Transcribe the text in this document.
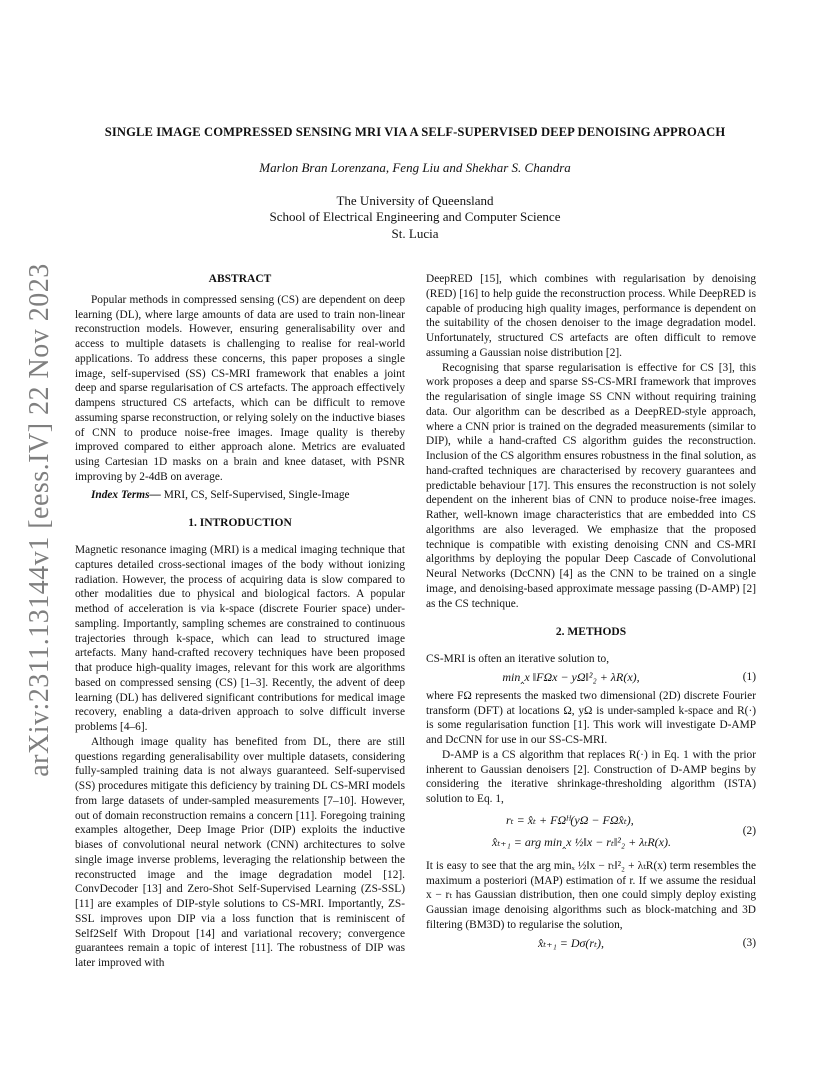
arXiv:2311.13144v1 [eess.IV] 22 Nov 2023
SINGLE IMAGE COMPRESSED SENSING MRI VIA A SELF-SUPERVISED DEEP DENOISING APPROACH
Marlon Bran Lorenzana, Feng Liu and Shekhar S. Chandra
The University of Queensland
School of Electrical Engineering and Computer Science
St. Lucia

ABSTRACT

Popular methods in compressed sensing (CS) are dependent on deep learning (DL), where large amounts of data are used to train non-linear reconstruction models. However, ensuring generalisability over and access to multiple datasets is challenging to realise for real-world applications. To address these concerns, this paper proposes a single image, self-supervised (SS) CS-MRI framework that enables a joint deep and sparse regularisation of CS artefacts. The approach effectively dampens structured CS artefacts, which can be difficult to remove assuming sparse reconstruction, or relying solely on the inductive biases of CNN to produce noise-free images. Image quality is thereby improved compared to either approach alone. Metrics are evaluated using Cartesian 1D masks on a brain and knee dataset, with PSNR improving by 2-4dB on average.

Index Terms— MRI, CS, Self-Supervised, Single-Image

1. INTRODUCTION

Magnetic resonance imaging (MRI) is a medical imaging technique that captures detailed cross-sectional images of the body without ionizing radiation. However, the process of acquiring data is slow compared to other modalities due to physical and biological factors. A popular method of acceleration is via k-space (discrete Fourier space) under-sampling. Importantly, sampling schemes are constrained to continuous trajectories through k-space, which can lead to structured image artefacts. Many hand-crafted recovery techniques have been proposed that produce high-quality images, relevant for this work are algorithms based on compressed sensing (CS) [1–3]. Recently, the advent of deep learning (DL) has delivered significant contributions for medical image recovery, enabling a data-driven approach to solve difficult inverse problems [4–6].

Although image quality has benefited from DL, there are still questions regarding generalisability over multiple datasets, considering fully-sampled training data is not always guaranteed. Self-supervised (SS) procedures mitigate this deficiency by training DL CS-MRI models from large datasets of under-sampled measurements [7–10]. However, out of domain reconstruction remains a concern [11]. Foregoing training examples altogether, Deep Image Prior (DIP) exploits the inductive biases of convolutional neural network (CNN) architectures to solve single image inverse problems, leveraging the relationship between the reconstructed image and the image degradation model [12]. ConvDecoder [13] and Zero-Shot Self-Supervised Learning (ZS-SSL) [11] are examples of DIP-style solutions to CS-MRI. Importantly, ZS-SSL improves upon DIP via a loss function that is reminiscent of Self2Self With Dropout [14] and variational recovery; convergence guarantees remain a topic of interest [11]. The robustness of DIP was later improved with

DeepRED [15], which combines with regularisation by denoising (RED) [16] to help guide the reconstruction process. While DeepRED is capable of producing high quality images, performance is dependent on the suitability of the chosen denoiser to the image degradation model. Unfortunately, structured CS artefacts are often difficult to remove assuming a Gaussian noise distribution [2].

Recognising that sparse regularisation is effective for CS [3], this work proposes a deep and sparse SS-CS-MRI framework that improves the regularisation of single image SS CNN without requiring training data. Our algorithm can be described as a DeepRED-style approach, where a CNN prior is trained on the degraded measurements (similar to DIP), while a hand-crafted CS algorithm guides the reconstruction. Inclusion of the CS algorithm ensures robustness in the final solution, as hand-crafted techniques are characterised by recovery guarantees and predictable behaviour [17]. This ensures the reconstruction is not solely dependent on the inherent bias of CNN to produce noise-free images. Rather, well-known image characteristics that are embedded into CS algorithms are also leveraged. We emphasize that the proposed technique is compatible with existing denoising CNN and CS-MRI algorithms by deploying the popular Deep Cascade of Convolutional Neural Networks (DcCNN) [4] as the CNN to be trained on a single image, and denoising-based approximate message passing (D-AMP) [2] as the CS technique.

2. METHODS

CS-MRI is often an iterative solution to,

min‸x ‖FΩx − yΩ‖²₂ + λR(x),	(1)

where FΩ represents the masked two dimensional (2D) discrete Fourier transform (DFT) at locations Ω, yΩ is under-sampled k-space and R(·) is some regularisation function [1]. This work will investigate D-AMP and DcCNN for use in our SS-CS-MRI.

D-AMP is a CS algorithm that replaces R(·) in Eq. 1 with the prior inherent to Gaussian denoisers [2]. Construction of D-AMP begins by considering the iterative shrinkage-thresholding algorithm (ISTA) solution to Eq. 1,

rₜ = x̂ₜ + FΩᴴ(yΩ − FΩx̂ₜ),
x̂ₜ₊₁ = arg min‸x ½‖x − rₜ‖²₂ + λₜR(x).
(2)

It is easy to see that the arg minₓ ½‖x − rₜ‖²₂ + λₜR(x) term resembles the maximum a posteriori (MAP) estimation of r. If we assume the residual x − rₜ has Gaussian distribution, then one could simply deploy existing Gaussian image denoising algorithms such as block-matching and 3D filtering (BM3D) to regularise the solution,

x̂ₜ₊₁ = Dσ(rₜ),	(3)
